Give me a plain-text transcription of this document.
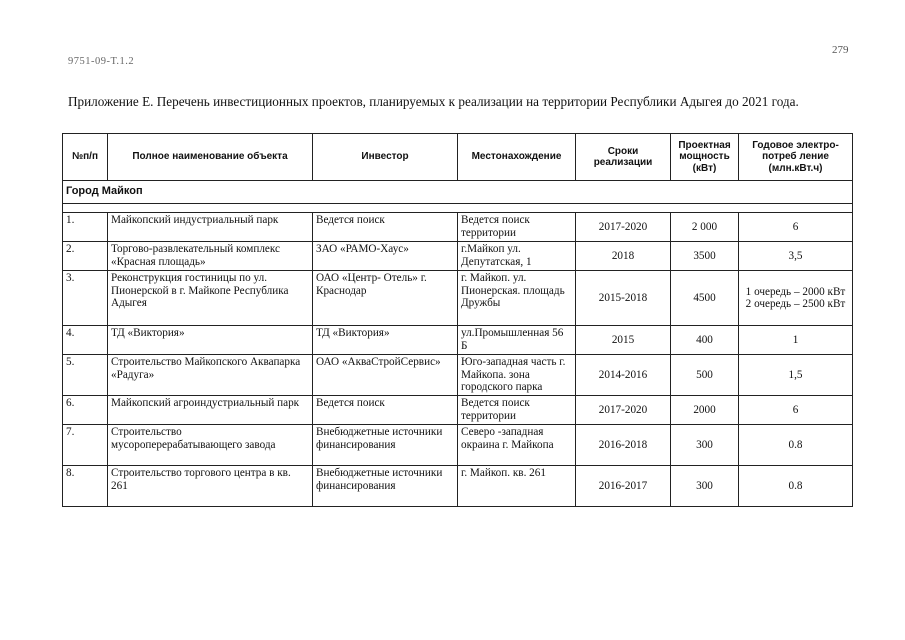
9751-09-Т.1.2
279
Приложение Е. Перечень инвестиционных проектов, планируемых к реализации на территории Республики Адыгея до 2021 года.
№п/п	Полное наименование объекта	Инвестор	Местонахождение	Сроки реализации	Проектная мощность (кВт)	Годовое электро-потреб ление (млн.кВт.ч)
Город Майкоп						

1.	Майкопский индустриальный парк	Ведется поиск	Ведется поиск территории	2017-2020	2 000	6
2.	Торгово-развлекательный комплекс «Красная площадь»	ЗАО «РАМО-Хаус»	г.Майкоп ул. Депутатская, 1	2018	3500	3,5
3.	Реконструкция гостиницы по ул. Пионерской в г. Майкопе Республика Адыгея	ОАО «Центр- Отель» г. Краснодар	г. Майкоп. ул. Пионерская. площадь Дружбы	2015-2018	4500	1 очередь – 2000 кВт 2 очередь – 2500 кВт
4.	ТД «Виктория»	ТД «Виктория»	ул.Промышленная 56 Б	2015	400	1
5.	Строительство Майкопского Аквапарка «Радуга»	ОАО «АкваСтройСервис»	Юго-западная часть г. Майкопа. зона городского парка	2014-2016	500	1,5
6.	Майкопский агроиндустриальный парк	Ведется поиск	Ведется поиск территории	2017-2020	2000	6
7.	Строительство мусороперерабатывающего завода	Внебюджетные источники финансирования	Северо -западная окраина г. Майкопа	2016-2018	300	0.8
8.	Строительство торгового центра в кв. 261	Внебюджетные источники финансирования	г. Майкоп. кв. 261	2016-2017	300	0.8
